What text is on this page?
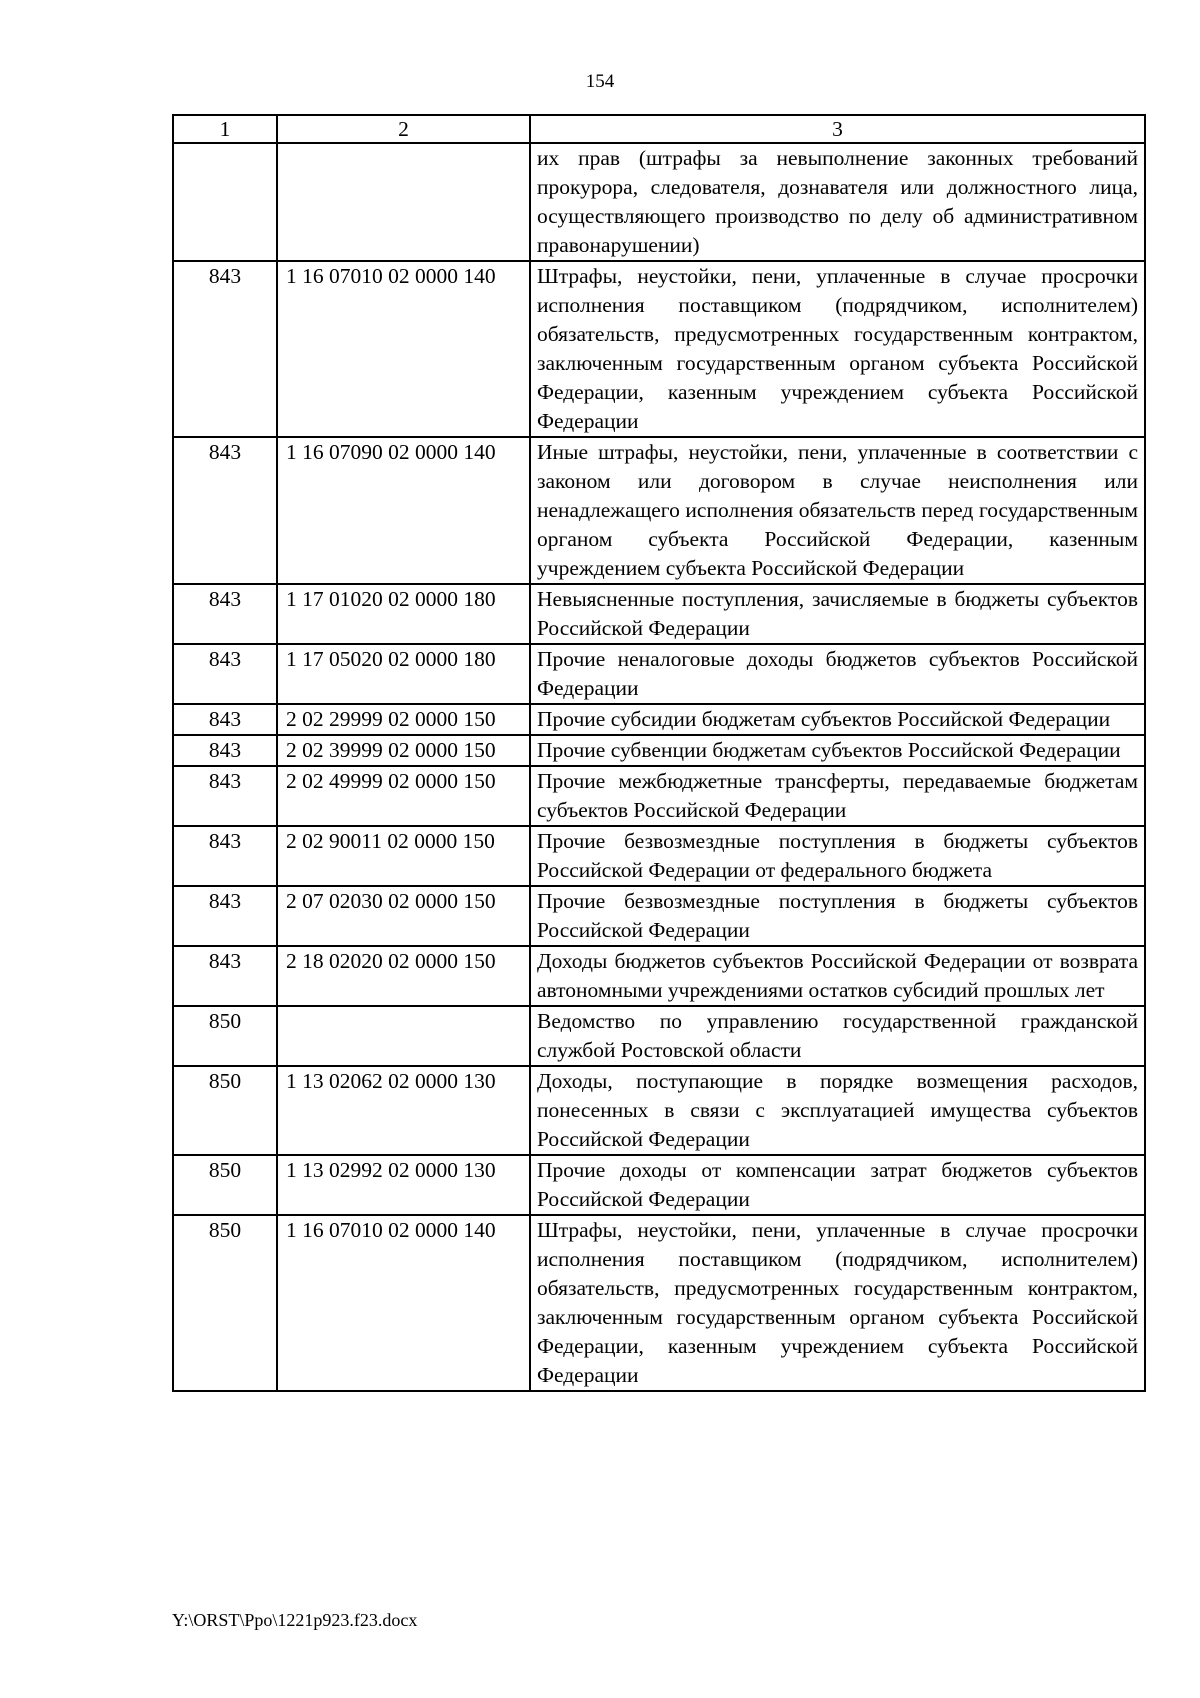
154
1	2	3
		их прав (штрафы за невыполнение законных требований прокурора, следователя, дознавателя или должностного лица, осуществляющего производство по делу об административном правонарушении)
843	1 16 07010 02 0000 140	Штрафы, неустойки, пени, уплаченные в случае просрочки исполнения поставщиком (подрядчиком, исполнителем) обязательств, предусмотренных государственным контрактом, заключенным государственным органом субъекта Российской Федерации, казенным учреждением субъекта Российской Федерации
843	1 16 07090 02 0000 140	Иные штрафы, неустойки, пени, уплаченные в соответствии с законом или договором в случае неисполнения или ненадлежащего исполнения обязательств перед государственным органом субъекта Российской Федерации, казенным учреждением субъекта Российской Федерации
843	1 17 01020 02 0000 180	Невыясненные поступления, зачисляемые в бюджеты субъектов Российской Федерации
843	1 17 05020 02 0000 180	Прочие неналоговые доходы бюджетов субъектов Российской Федерации
843	2 02 29999 02 0000 150	Прочие субсидии бюджетам субъектов Российской Федерации
843	2 02 39999 02 0000 150	Прочие субвенции бюджетам субъектов Российской Федерации
843	2 02 49999 02 0000 150	Прочие межбюджетные трансферты, передаваемые бюджетам субъектов Российской Федерации
843	2 02 90011 02 0000 150	Прочие безвозмездные поступления в бюджеты субъектов Российской Федерации от федерального бюджета
843	2 07 02030 02 0000 150	Прочие безвозмездные поступления в бюджеты субъектов Российской Федерации
843	2 18 02020 02 0000 150	Доходы бюджетов субъектов Российской Федерации от возврата автономными учреждениями остатков субсидий прошлых лет
850		Ведомство по управлению государственной гражданской службой Ростовской области
850	1 13 02062 02 0000 130	Доходы, поступающие в порядке возмещения расходов, понесенных в связи с эксплуатацией имущества субъектов Российской Федерации
850	1 13 02992 02 0000 130	Прочие доходы от компенсации затрат бюджетов субъектов Российской Федерации
850	1 16 07010 02 0000 140	Штрафы, неустойки, пени, уплаченные в случае просрочки исполнения поставщиком (подрядчиком, исполнителем) обязательств, предусмотренных государственным контрактом, заключенным государственным органом субъекта Российской Федерации, казенным учреждением субъекта Российской Федерации
Y:\ORST\Ppo\1221p923.f23.docx
